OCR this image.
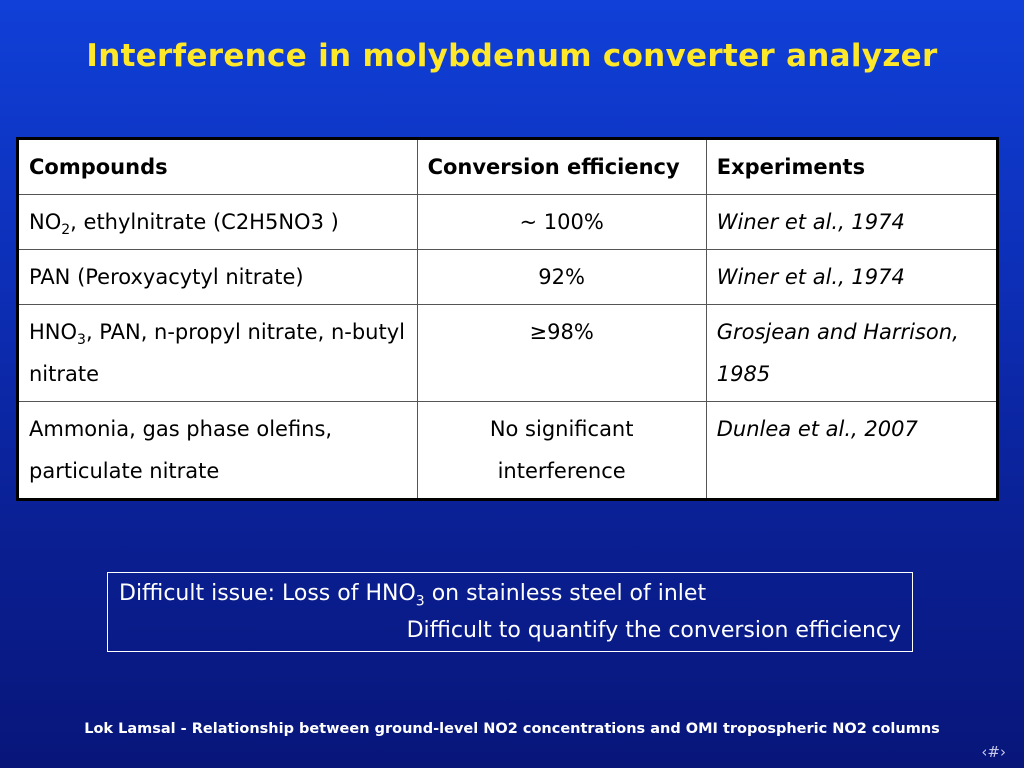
Interference in molybdenum converter analyzer
Compounds	Conversion efficiency	Experiments
$NO_2$, ethylnitrate (C2H5NO3 )	~ 100%	Winer et al., 1974
PAN (Peroxyacytyl nitrate)	92%	Winer et al., 1974
$HNO_3$, PAN, n-propyl nitrate, n-butyl nitrate	≥98%	Grosjean and Harrison, 1985
Ammonia, gas phase olefins, particulate nitrate	No significant interference	Dunlea et al., 2007
Difficult issue: Loss of $HNO_3$ on stainless steel of inlet
Difficult to quantify the conversion efficiency
Lok Lamsal - Relationship between ground-level NO2 concentrations and OMI tropospheric NO2 columns
‹#›
